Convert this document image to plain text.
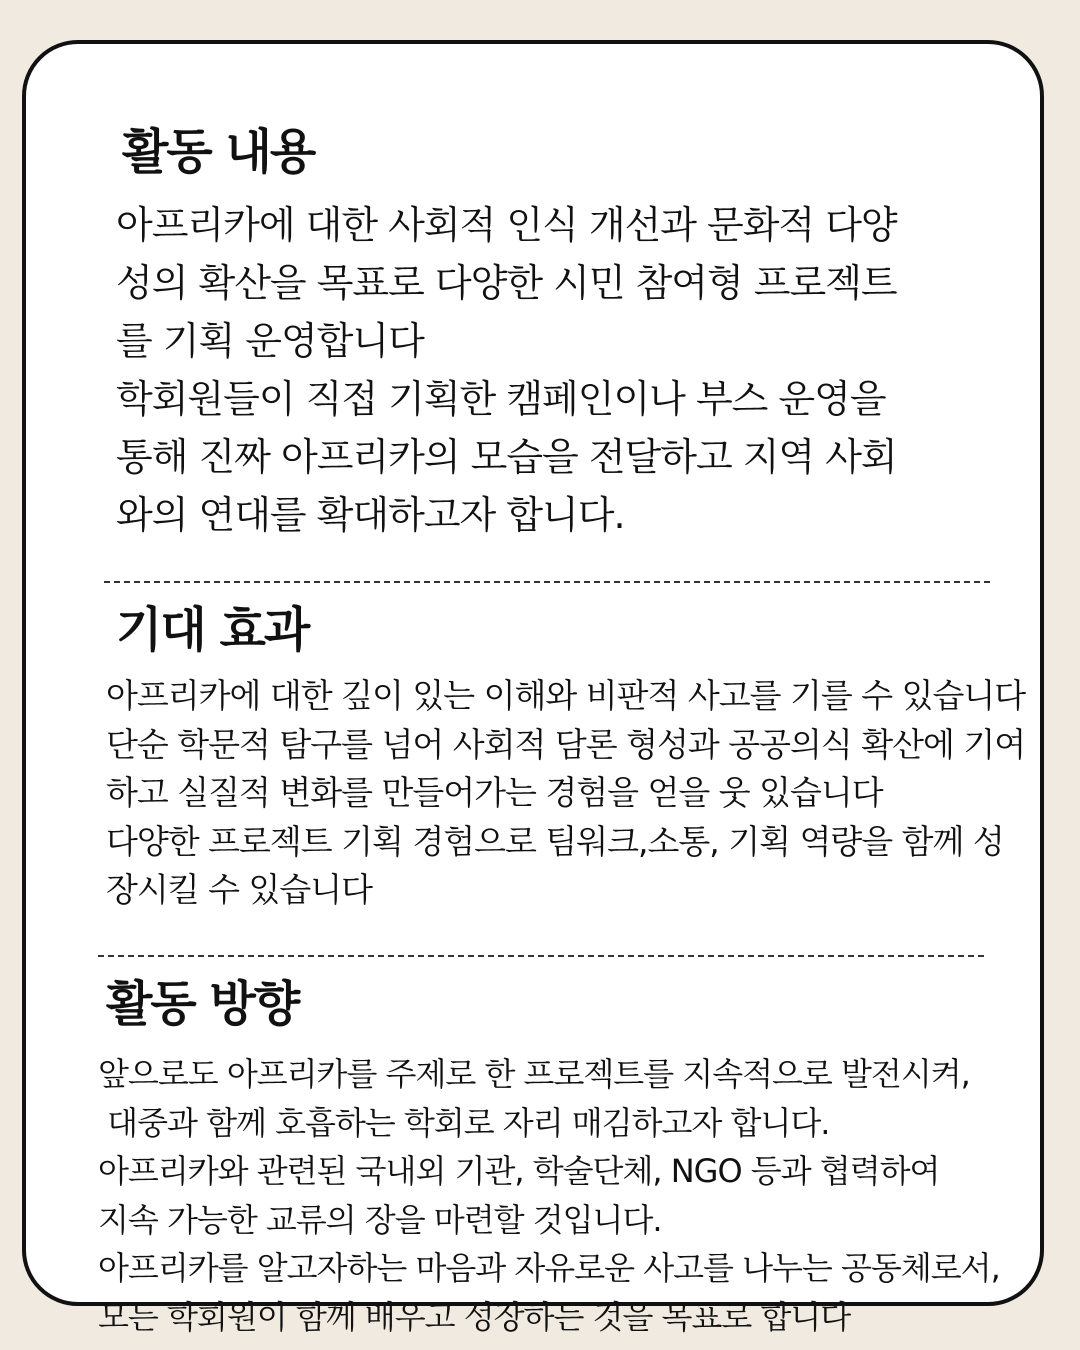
활동 내용
아프리카에 대한 사회적 인식 개선과 문화적 다양
성의 확산을 목표로 다양한 시민 참여형 프로젝트
를 기획 운영합니다
학회원들이 직접 기획한 캠페인이나 부스 운영을
통해 진짜 아프리카의 모습을 전달하고 지역 사회
와의 연대를 확대하고자 합니다.
기대 효과
아프리카에 대한 깊이 있는 이해와 비판적 사고를 기를 수 있습니다
단순 학문적 탐구를 넘어 사회적 담론 형성과 공공의식 확산에 기여
하고 실질적 변화를 만들어가는 경험을 얻을 웃 있습니다
다양한 프로젝트 기획 경험으로 팀워크,소통, 기획 역량을 함께 성
장시킬 수 있습니다
활동 방향
앞으로도 아프리카를 주제로 한 프로젝트를 지속적으로 발전시켜,
대중과 함께 호흡하는 학회로 자리 매김하고자 합니다.
아프리카와 관련된 국내외 기관, 학술단체, NGO 등과 협력하여
지속 가능한 교류의 장을 마련할 것입니다.
아프리카를 알고자하는 마음과 자유로운 사고를 나누는 공동체로서,
모든 학회원이 함께 배우고 성장하는 것을 목표로 합니다
